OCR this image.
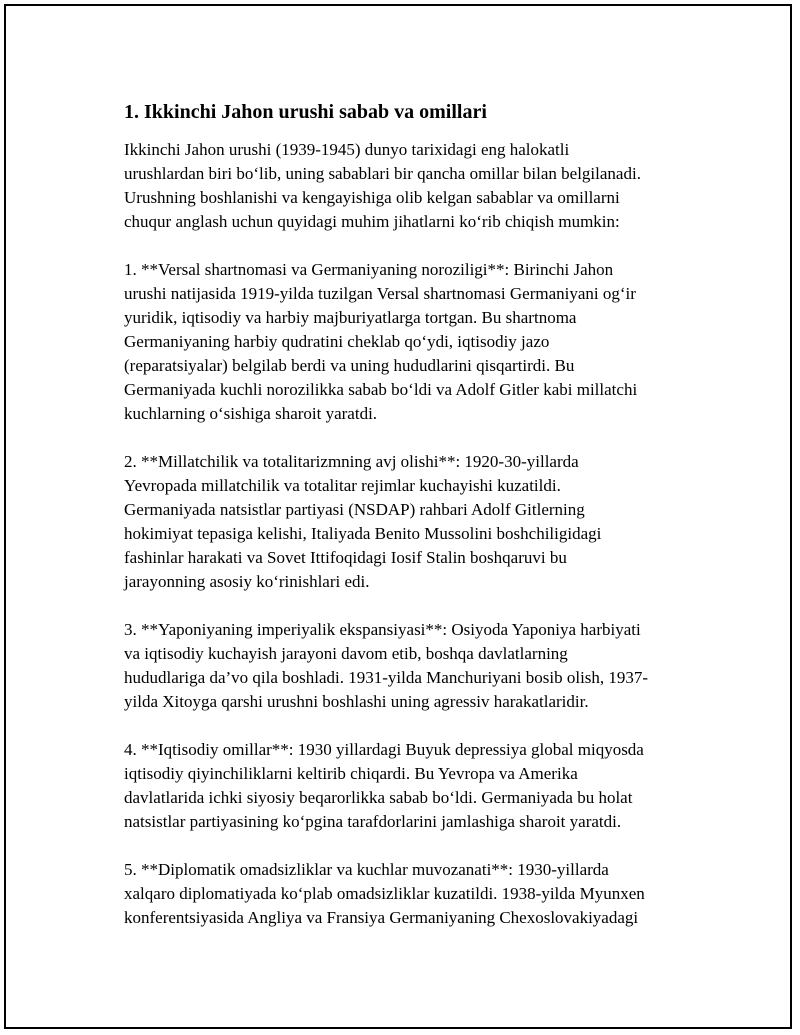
1. Ikkinchi Jahon urushi sabab va omillari

Ikkinchi Jahon urushi (1939-1945) dunyo tarixidagi eng halokatli
urushlardan biri bo‘lib, uning sabablari bir qancha omillar bilan belgilanadi.
Urushning boshlanishi va kengayishiga olib kelgan sabablar va omillarni
chuqur anglash uchun quyidagi muhim jihatlarni ko‘rib chiqish mumkin:

1. **Versal shartnomasi va Germaniyaning noroziligi**: Birinchi Jahon
urushi natijasida 1919-yilda tuzilgan Versal shartnomasi Germaniyani og‘ir
yuridik, iqtisodiy va harbiy majburiyatlarga tortgan. Bu shartnoma
Germaniyaning harbiy qudratini cheklab qo‘ydi, iqtisodiy jazo
(reparatsiyalar) belgilab berdi va uning hududlarini qisqartirdi. Bu
Germaniyada kuchli norozilikka sabab bo‘ldi va Adolf Gitler kabi millatchi
kuchlarning o‘sishiga sharoit yaratdi.

2. **Millatchilik va totalitarizmning avj olishi**: 1920-30-yillarda
Yevropada millatchilik va totalitar rejimlar kuchayishi kuzatildi.
Germaniyada natsistlar partiyasi (NSDAP) rahbari Adolf Gitlerning
hokimiyat tepasiga kelishi, Italiyada Benito Mussolini boshchiligidagi
fashinlar harakati va Sovet Ittifoqidagi Iosif Stalin boshqaruvi bu
jarayonning asosiy ko‘rinishlari edi.

3. **Yaponiyaning imperiyalik ekspansiyasi**: Osiyoda Yaponiya harbiyati
va iqtisodiy kuchayish jarayoni davom etib, boshqa davlatlarning
hududlariga da’vo qila boshladi. 1931-yilda Manchuriyani bosib olish, 1937-
yilda Xitoyga qarshi urushni boshlashi uning agressiv harakatlaridir.

4. **Iqtisodiy omillar**: 1930 yillardagi Buyuk depressiya global miqyosda
iqtisodiy qiyinchiliklarni keltirib chiqardi. Bu Yevropa va Amerika
davlatlarida ichki siyosiy beqarorlikka sabab bo‘ldi. Germaniyada bu holat
natsistlar partiyasining ko‘pgina tarafdorlarini jamlashiga sharoit yaratdi.

5. **Diplomatik omadsizliklar va kuchlar muvozanati**: 1930-yillarda
xalqaro diplomatiyada ko‘plab omadsizliklar kuzatildi. 1938-yilda Myunxen
konferentsiyasida Angliya va Fransiya Germaniyaning Chexoslovakiyadagi
